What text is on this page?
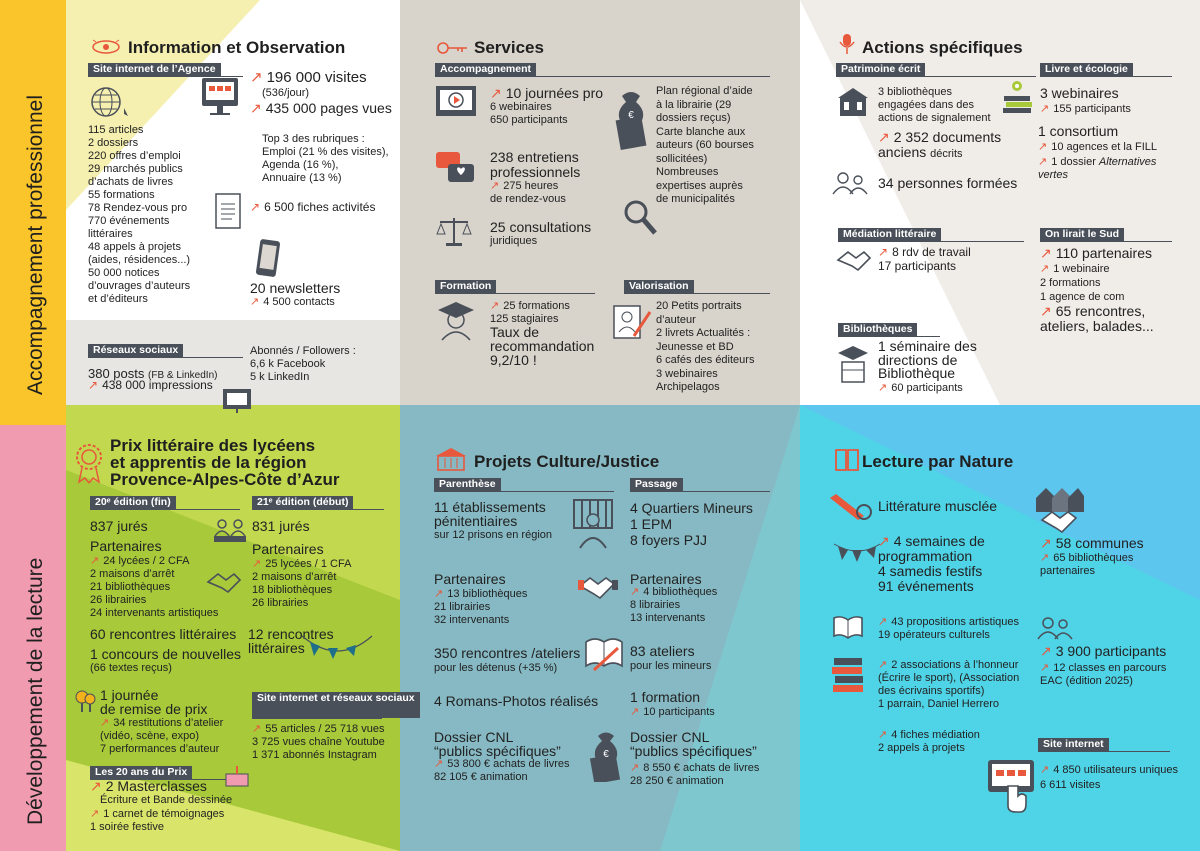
Accompagnement professionnel
Développement de la lecture
Information et Observation
Site internet de l’Agence
115 articles
2 dossiers
220 offres d’emploi
29 marchés publics
d’achats de livres
55 formations
78 Rendez-vous pro
770 événements
littéraires
48 appels à projets
(aides, résidences...)
50 000 notices
d’ouvrages d’auteurs
et d’éditeurs
↗ 196 000 visites
(536/jour)
↗ 435 000 pages vues
Top 3 des rubriques :
Emploi (21 % des visites),
Agenda (16 %),
Annuaire (13 %)
↗ 6 500 fiches activités
20 newsletters
↗ 4 500 contacts
Réseaux sociaux	Abonnés / Followers :
6,6 k Facebook
5 k LinkedIn
380 posts (FB & LinkedIn)
↗ 438 000 impressions
Services
Accompagnement
↗ 10 journées pro
6 webinaires
650 participants
238 entretiens
professionnels
↗ 275 heures
de rendez-vous
25 consultations
juridiques
€
Plan régional d’aide
à la librairie (29
dossiers reçus)
Carte blanche aux
auteurs (60 bourses
sollicitées)
Nombreuses
expertises auprès
de municipalités
Formation
↗ 25 formations
125 stagiaires
Taux de
recommandation
9,2/10 !
Valorisation
20 Petits portraits
d’auteur
2 livrets Actualités :
Jeunesse et BD
6 cafés des éditeurs
3 webinaires
Archipelagos
Actions spécifiques
Patrimoine écrit
3 bibliothèques
engagées dans des
actions de signalement
↗ 2 352 documents
anciens décrits
34 personnes formées
Livre et écologie
3 webinaires
↗ 155 participants
1 consortium
↗ 10 agences et la FILL
↗ 1 dossier Alternatives
vertes
Médiation littéraire
↗ 8 rdv de travail
17 participants
On lirait le Sud
↗ 110 partenaires
↗ 1 webinaire
2 formations
1 agence de com
↗ 65 rencontres,
ateliers, balades...
Bibliothèques
1 séminaire des
directions de
Bibliothèque
↗ 60 participants
Prix littéraire des lycéens
et apprentis de la région
Provence-Alpes-Côte d’Azur
20ᵉ édition (fin)	21ᵉ édition (début)
837 jurés
Partenaires
↗ 24 lycées / 2 CFA
2 maisons d’arrêt
21 bibliothèques
26 librairies
24 intervenants artistiques
831 jurés
Partenaires
↗ 25 lycées / 1 CFA
2 maisons d’arrêt
18 bibliothèques
26 librairies
60 rencontres littéraires 12 rencontres
littéraires
1 concours de nouvelles
(66 textes reçus)
1 journée
de remise de prix
↗ 34 restitutions d’atelier
(vidéo, scène, expo)
7 performances d’auteur
Site internet et réseaux sociaux
↗ 55 articles / 25 718 vues
3 725 vues chaîne Youtube
1 371 abonnés Instagram
Les 20 ans du Prix
↗ 2 Masterclasses
Écriture et Bande dessinée
↗ 1 carnet de témoignages
1 soirée festive
Projets Culture/Justice
Parenthèse	Passage
11 établissements
pénitentiaires
sur 12 prisons en région
4 Quartiers Mineurs
1 EPM
8 foyers PJJ
Partenaires
↗ 13 bibliothèques
21 librairies
32 intervenants
Partenaires
↗ 4 bibliothèques
8 librairies
13 intervenants
350 rencontres /ateliers
pour les détenus (+35 %)
83 ateliers
pour les mineurs
4 Romans-Photos réalisés 1 formation
↗ 10 participants
Dossier CNL
“publics spécifiques”
↗ 53 800 € achats de livres
82 105 € animation
€
Dossier CNL
“publics spécifiques”
↗ 8 550 € achats de livres
28 250 € animation
Lecture par Nature
Littérature musclée
↗ 4 semaines de
programmation
4 samedis festifs
91 événements
↗ 58 communes
↗ 65 bibliothèques
partenaires
↗ 43 propositions artistiques
19 opérateurs culturels
↗ 3 900 participants
↗ 12 classes en parcours
EAC (édition 2025)
↗ 2 associations à l’honneur
(Écrire le sport), (Association
des écrivains sportifs)
1 parrain, Daniel Herrero
↗ 4 fiches médiation
2 appels à projets	Site internet
↗ 4 850 utilisateurs uniques
6 611 visites
